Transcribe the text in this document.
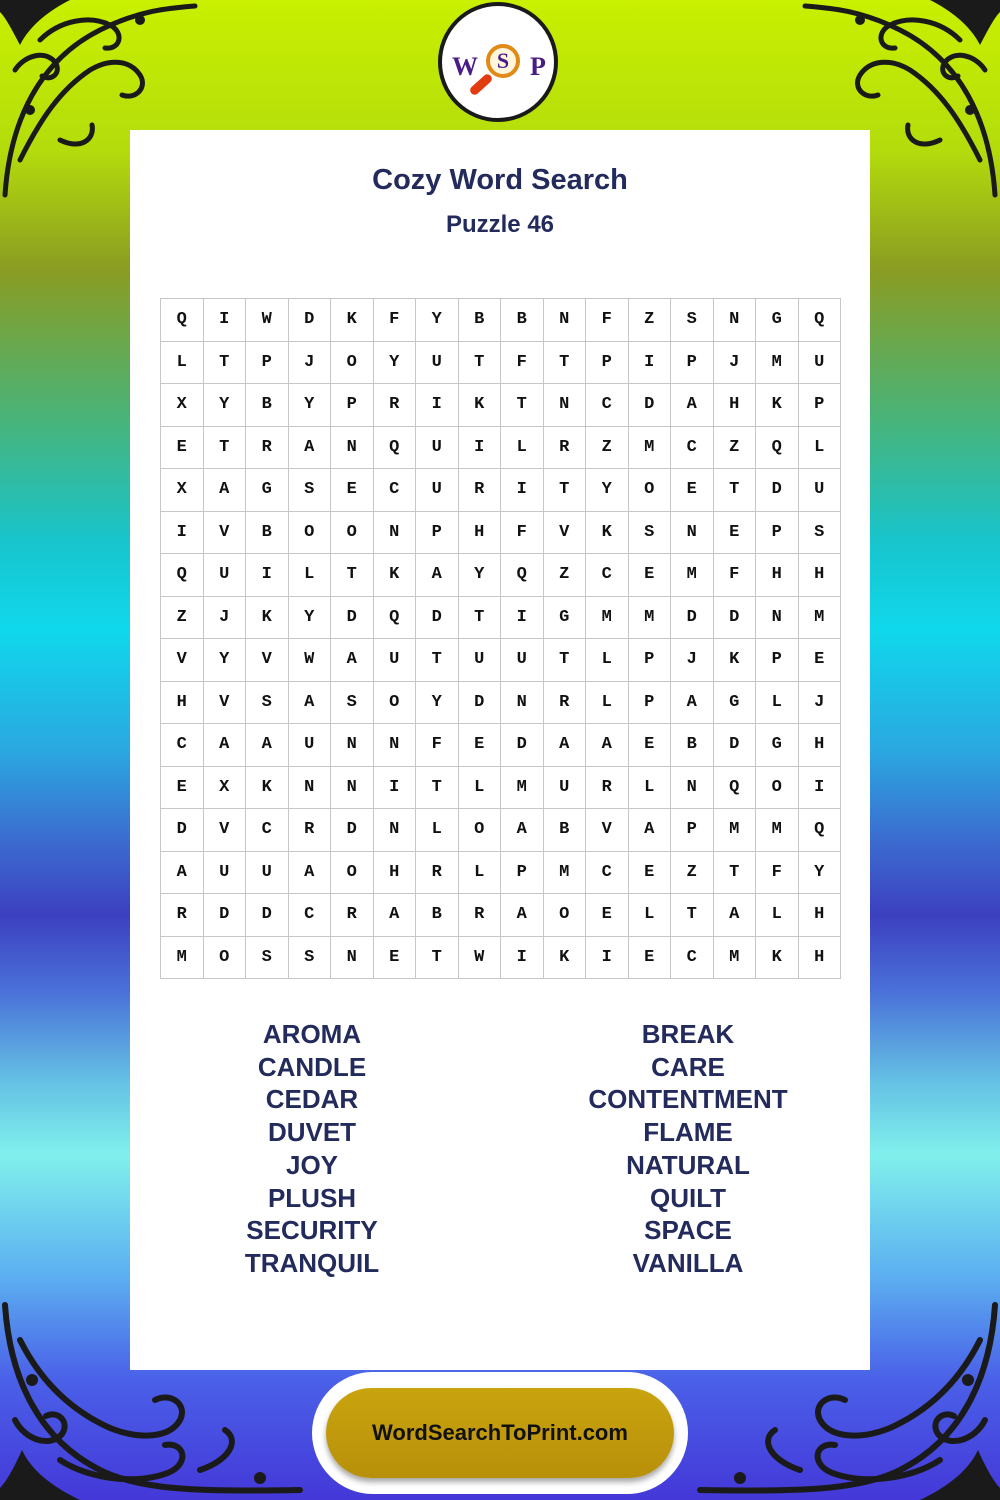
W S P
Cozy Word Search
Puzzle 46
Q	I	W	D	K	F	Y	B	B	N	F	Z	S	N	G	Q
L	T	P	J	O	Y	U	T	F	T	P	I	P	J	M	U
X	Y	B	Y	P	R	I	K	T	N	C	D	A	H	K	P
E	T	R	A	N	Q	U	I	L	R	Z	M	C	Z	Q	L
X	A	G	S	E	C	U	R	I	T	Y	O	E	T	D	U
I	V	B	O	O	N	P	H	F	V	K	S	N	E	P	S
Q	U	I	L	T	K	A	Y	Q	Z	C	E	M	F	H	H
Z	J	K	Y	D	Q	D	T	I	G	M	M	D	D	N	M
V	Y	V	W	A	U	T	U	U	T	L	P	J	K	P	E
H	V	S	A	S	O	Y	D	N	R	L	P	A	G	L	J
C	A	A	U	N	N	F	E	D	A	A	E	B	D	G	H
E	X	K	N	N	I	T	L	M	U	R	L	N	Q	O	I
D	V	C	R	D	N	L	O	A	B	V	A	P	M	M	Q
A	U	U	A	O	H	R	L	P	M	C	E	Z	T	F	Y
R	D	D	C	R	A	B	R	A	O	E	L	T	A	L	H
M	O	S	S	N	E	T	W	I	K	I	E	C	M	K	H
AROMA
CANDLE
CEDAR
DUVET
JOY
PLUSH
SECURITY
TRANQUIL
BREAK
CARE
CONTENTMENT
FLAME
NATURAL
QUILT
SPACE
VANILLA
WordSearchToPrint.com
